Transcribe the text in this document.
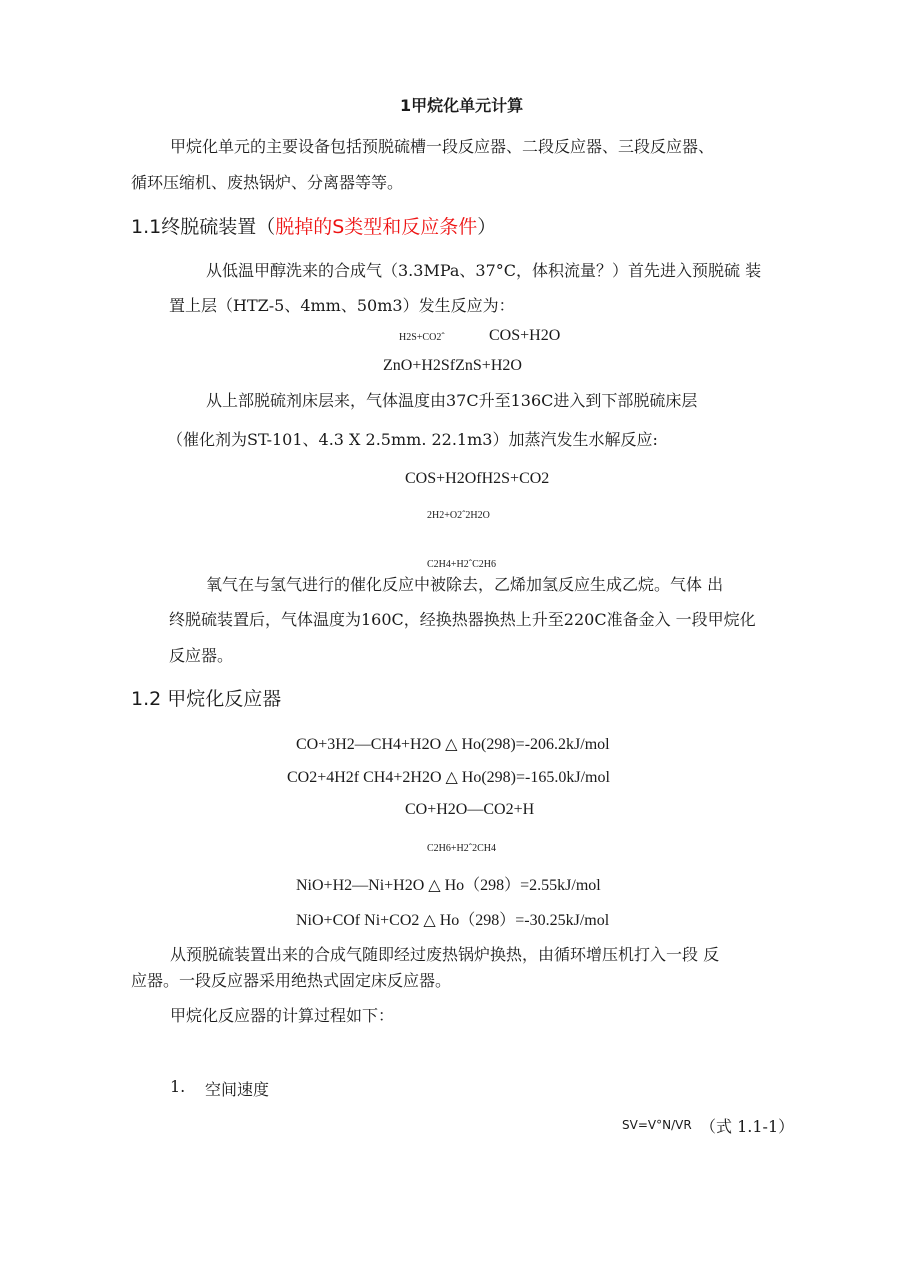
1甲烷化单元计算
甲烷化单元的主要设备包括预脱硫槽一段反应器、二段反应器、三段反应器、
循环压缩机、废热锅炉、分离器等等。
1.1终脱硫装置（脱掉的S类型和反应条件）
从低温甲醇洗来的合成气（3.3MPa、37°C，体积流量？）首先进入预脱硫 装
置上层（HTZ-5、4mm、50m3）发生反应为：
H2S+CO2ˆ	COS+H2O
ZnO+H2SfZnS+H2O
从上部脱硫剂床层来，气体温度由37C升至136C进入到下部脱硫床层
（催化剂为ST-101、4.3 X 2.5mm. 22.1m3）加蒸汽发生水解反应:
COS+H2OfH2S+CO2
2H2+O2ˆ2H2O
C2H4+H2ˆC2H6
氧气在与氢气进行的催化反应中被除去，乙烯加氢反应生成乙烷。气体 出
终脱硫装置后，气体温度为160C，经换热器换热上升至220C准备金入 一段甲烷化
反应器。
1.2 甲烷化反应器
CO+3H2—CH4+H2O △ Ho(298)=-206.2kJ/mol
CO2+4H2f CH4+2H2O △ Ho(298)=-165.0kJ/mol
CO+H2O—CO2+H
C2H6+H2ˆ2CH4
NiO+H2—Ni+H2O △ Ho（298）=2.55kJ/mol
NiO+COf Ni+CO2 △ Ho（298）=-30.25kJ/mol
从预脱硫装置出来的合成气随即经过废热锅炉换热，由循环增压机打入一段 反
应器。一段反应器采用绝热式固定床反应器。
甲烷化反应器的计算过程如下：
1. 空间速度
SV=V°N/VR （式 1.1-1）
